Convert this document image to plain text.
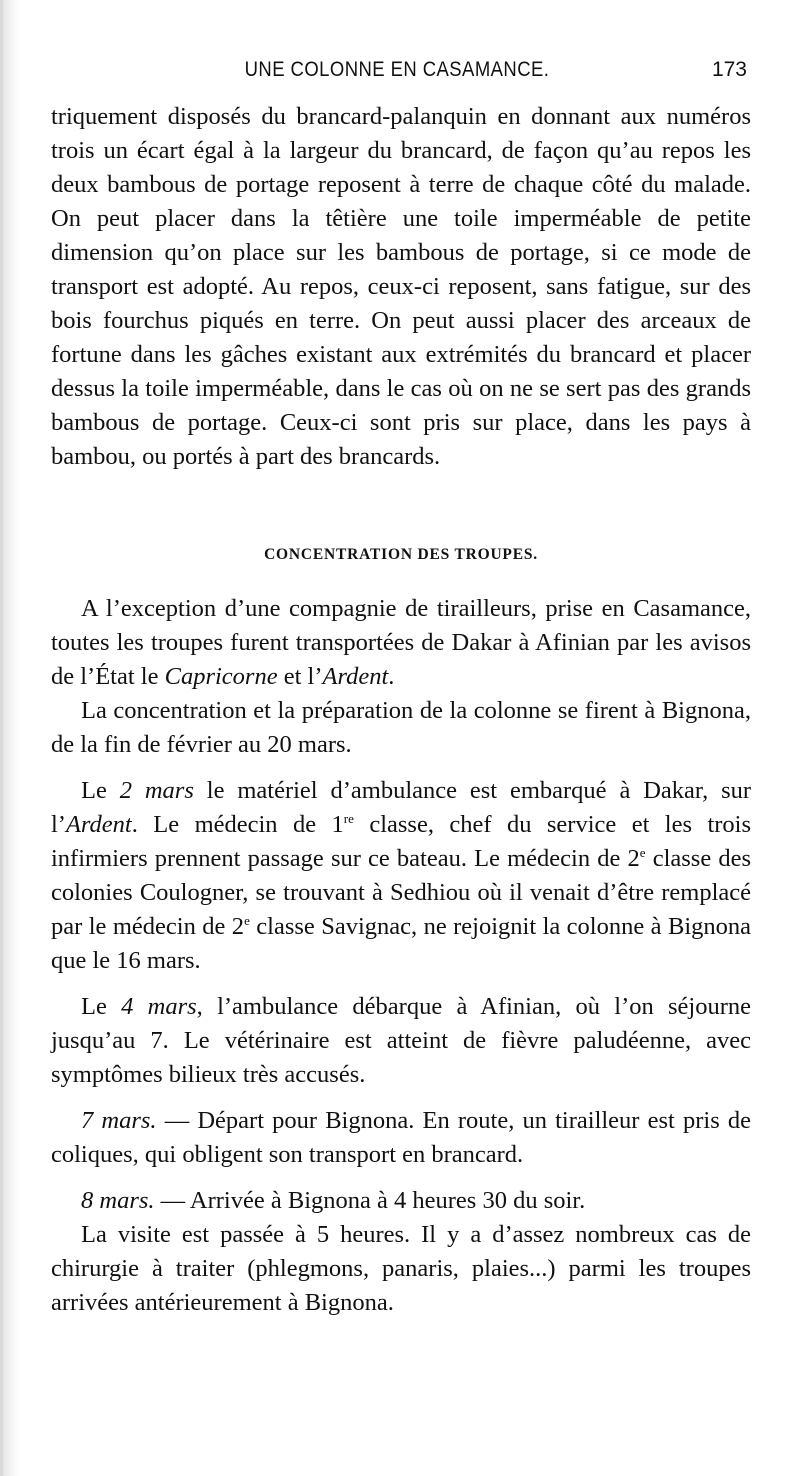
UNE COLONNE EN CASAMANCE.	173

triquement disposés du brancard-palanquin en donnant aux numéros trois un écart égal à la largeur du brancard, de façon qu’au repos les deux bambous de portage reposent à terre de chaque côté du malade. On peut placer dans la têtière une toile imperméable de petite dimension qu’on place sur les bambous de portage, si ce mode de transport est adopté. Au repos, ceux-ci reposent, sans fatigue, sur des bois fourchus piqués en terre. On peut aussi placer des arceaux de fortune dans les gâches existant aux extrémités du brancard et placer dessus la toile imperméable, dans le cas où on ne se sert pas des grands bambous de portage. Ceux-ci sont pris sur place, dans les pays à bambou, ou portés à part des brancards.

CONCENTRATION DES TROUPES.

A l’exception d’une compagnie de tirailleurs, prise en Casamance, toutes les troupes furent transportées de Dakar à Afinian par les avisos de l’État le Capricorne et l’Ardent.

La concentration et la préparation de la colonne se firent à Bignona, de la fin de février au 20 mars.

Le 2 mars le matériel d’ambulance est embarqué à Dakar, sur l’Ardent. Le médecin de 1re classe, chef du service et les trois infirmiers prennent passage sur ce bateau. Le médecin de 2e classe des colonies Coulogner, se trouvant à Sedhiou où il venait d’être remplacé par le médecin de 2e classe Savignac, ne rejoignit la colonne à Bignona que le 16 mars.

Le 4 mars, l’ambulance débarque à Afinian, où l’on séjourne jusqu’au 7. Le vétérinaire est atteint de fièvre paludéenne, avec symptômes bilieux très accusés.

7 mars. — Départ pour Bignona. En route, un tirailleur est pris de coliques, qui obligent son transport en brancard.

8 mars. — Arrivée à Bignona à 4 heures 30 du soir.

La visite est passée à 5 heures. Il y a d’assez nombreux cas de chirurgie à traiter (phlegmons, panaris, plaies...) parmi les troupes arrivées antérieurement à Bignona.
